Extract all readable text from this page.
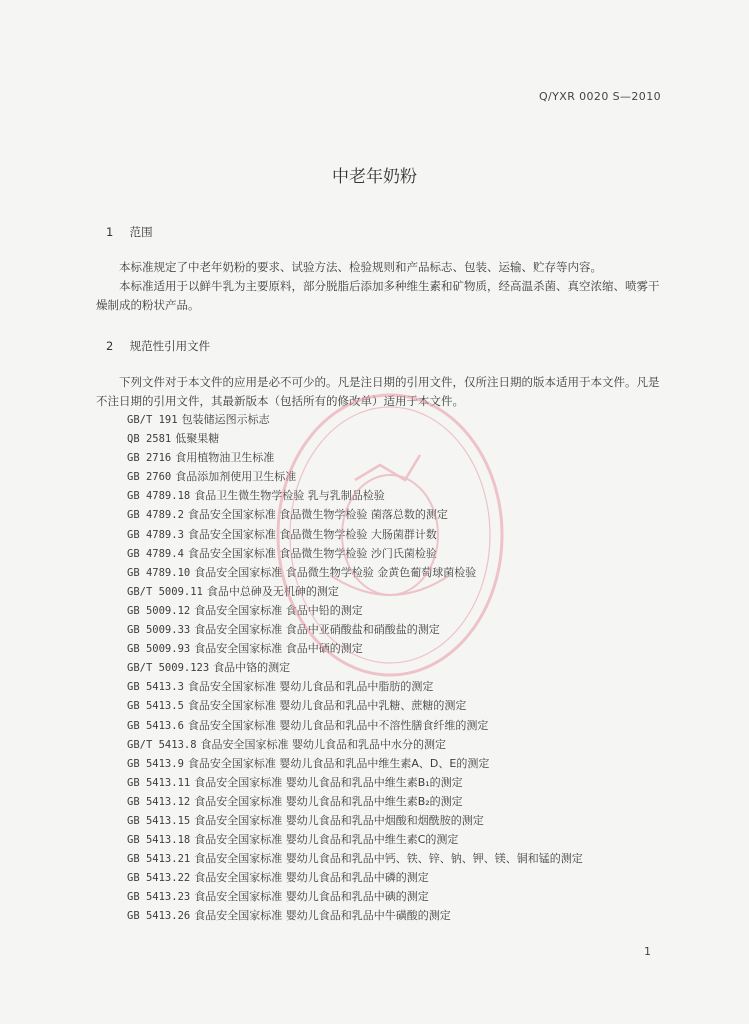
Q/YXR 0020 S—2010
中老年奶粉
1 范围

本标准规定了中老年奶粉的要求、试验方法、检验规则和产品标志、包装、运输、贮存等内容。

本标准适用于以鲜牛乳为主要原料，部分脱脂后添加多种维生素和矿物质，经高温杀菌、真空浓缩、喷雾干燥制成的粉状产品。

2 规范性引用文件

下列文件对于本文件的应用是必不可少的。凡是注日期的引用文件，仅所注日期的版本适用于本文件。凡是不注日期的引用文件，其最新版本（包括所有的修改单）适用于本文件。

GB/T 191 包装储运图示标志
QB 2581 低聚果糖
GB 2716 食用植物油卫生标准
GB 2760 食品添加剂使用卫生标准
GB 4789.18 食品卫生微生物学检验 乳与乳制品检验
GB 4789.2 食品安全国家标准 食品微生物学检验 菌落总数的测定
GB 4789.3 食品安全国家标准 食品微生物学检验 大肠菌群计数
GB 4789.4 食品安全国家标准 食品微生物学检验 沙门氏菌检验
GB 4789.10 食品安全国家标准 食品微生物学检验 金黄色葡萄球菌检验
GB/T 5009.11 食品中总砷及无机砷的测定
GB 5009.12 食品安全国家标准 食品中铅的测定
GB 5009.33 食品安全国家标准 食品中亚硝酸盐和硝酸盐的测定
GB 5009.93 食品安全国家标准 食品中硒的测定
GB/T 5009.123 食品中铬的测定
GB 5413.3 食品安全国家标准 婴幼儿食品和乳品中脂肪的测定
GB 5413.5 食品安全国家标准 婴幼儿食品和乳品中乳糖、蔗糖的测定
GB 5413.6 食品安全国家标准 婴幼儿食品和乳品中不溶性膳食纤维的测定
GB/T 5413.8 食品安全国家标准 婴幼儿食品和乳品中水分的测定
GB 5413.9 食品安全国家标准 婴幼儿食品和乳品中维生素A、D、E的测定
GB 5413.11 食品安全国家标准 婴幼儿食品和乳品中维生素B₁的测定
GB 5413.12 食品安全国家标准 婴幼儿食品和乳品中维生素B₂的测定
GB 5413.15 食品安全国家标准 婴幼儿食品和乳品中烟酸和烟酰胺的测定
GB 5413.18 食品安全国家标准 婴幼儿食品和乳品中维生素C的测定
GB 5413.21 食品安全国家标准 婴幼儿食品和乳品中钙、铁、锌、钠、钾、镁、铜和锰的测定
GB 5413.22 食品安全国家标准 婴幼儿食品和乳品中磷的测定
GB 5413.23 食品安全国家标准 婴幼儿食品和乳品中碘的测定
GB 5413.26 食品安全国家标准 婴幼儿食品和乳品中牛磺酸的测定
1
